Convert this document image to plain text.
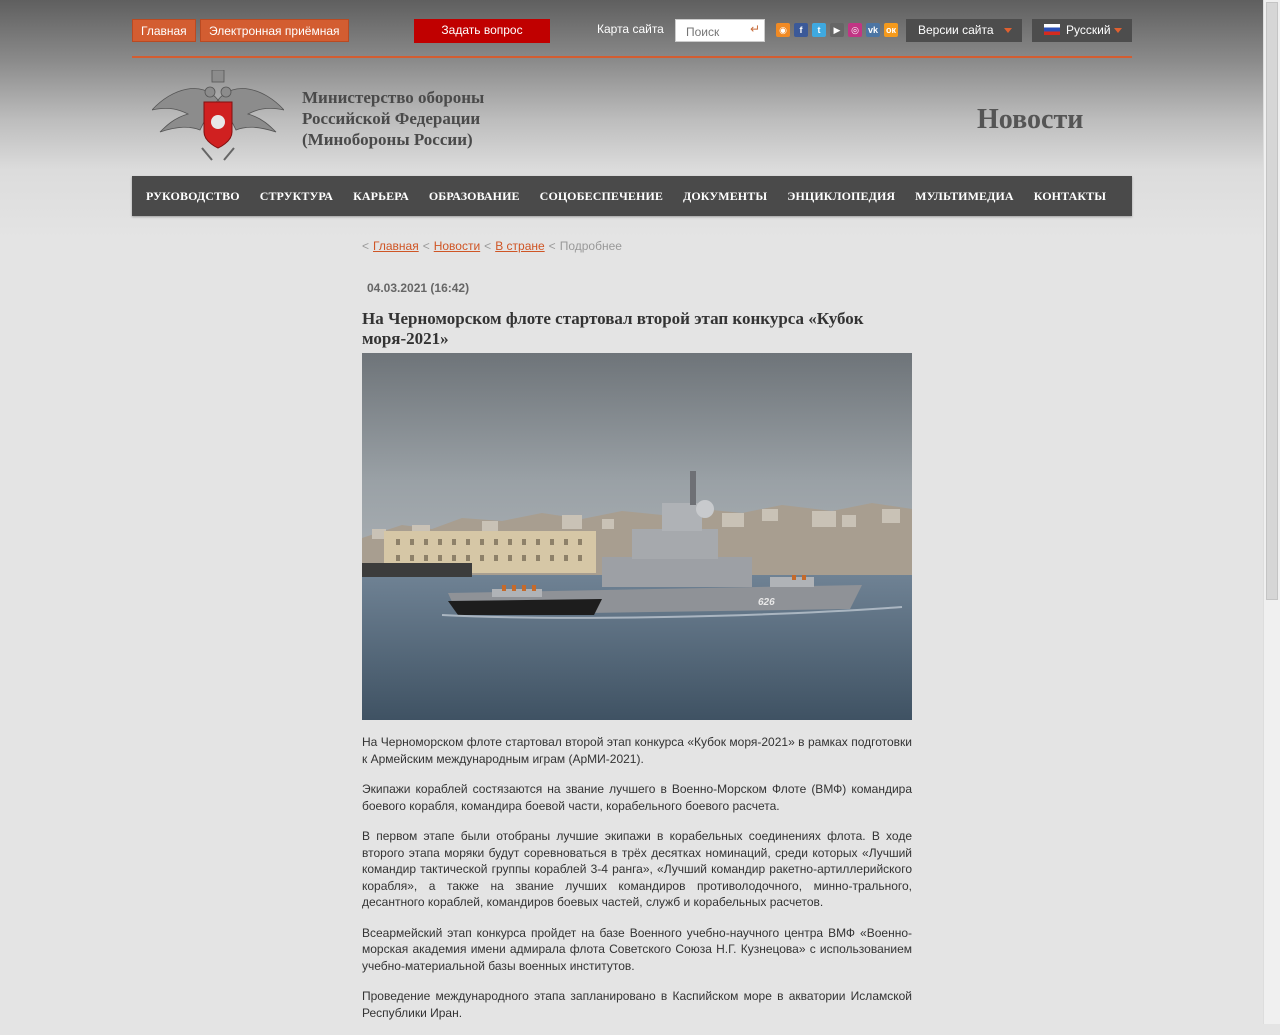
Главная	Электронная приёмная	Задать вопрос	Карта сайта
Поиск	↵	◉	f	t	▶	◎	vk ок	Версии сайта	Русский
Министерство обороны
Российской Федерации
(Минобороны России)
Новости
РУКОВОДСТВО	СТРУКТУРА	КАРЬЕРА	ОБРАЗОВАНИЕ	СОЦОБЕСПЕЧЕНИЕ	ДОКУМЕНТЫ	ЭНЦИКЛОПЕДИЯ	МУЛЬТИМЕДИА	КОНТАКТЫ
< Главная < Новости < В стране < Подробнее
04.03.2021 (16:42)
На Черноморском флоте стартовал второй этап конкурса «Кубок моря-2021»
626

На Черноморском флоте стартовал второй этап конкурса «Кубок моря-2021» в рамках подготовки к Армейским международным играм (АрМИ-2021).

Экипажи кораблей состязаются на звание лучшего в Военно-Морском Флоте (ВМФ) командира боевого корабля, командира боевой части, корабельного боевого расчета.

В первом этапе были отобраны лучшие экипажи в корабельных соединениях флота. В ходе второго этапа моряки будут соревноваться в трёх десятках номинаций, среди которых «Лучший командир тактической группы кораблей 3-4 ранга», «Лучший командир ракетно-артиллерийского корабля», а также на звание лучших командиров противолодочного, минно-трального, десантного кораблей, командиров боевых частей, служб и корабельных расчетов.

Всеармейский этап конкурса пройдет на базе Военного учебно-научного центра ВМФ «Военно-морская академия имени адмирала флота Советского Союза Н.Г. Кузнецова» с использованием учебно-материальной базы военных институтов.

Проведение международного этапа запланировано в Каспийском море в акватории Исламской Республики Иран.
